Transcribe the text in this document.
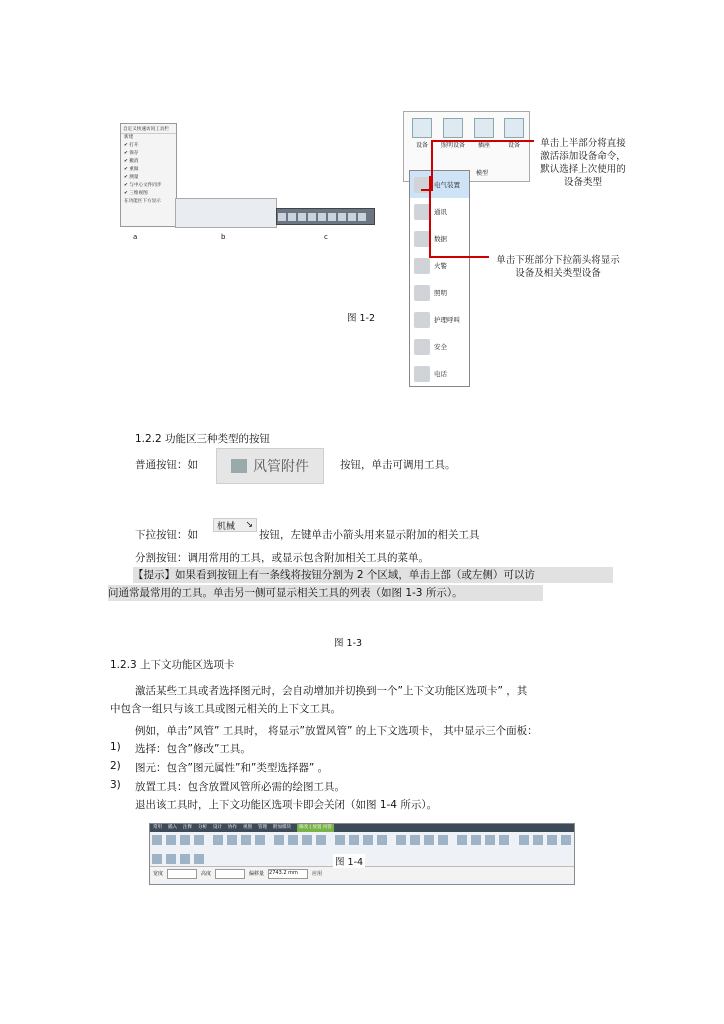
自定义快速访问工具栏
新建
✔ 打开
✔ 保存
✔ 撤消
✔ 重做
✔ 测量
✔ 与中心文件同步
✔ 三维视图
在功能区下方显示
a	b	c
图 1-2
设备	照明设备	插座	设备
模型
电气装置
通讯
数据
火警
照明
护理呼叫
安全
电话
单击上半部分将直接
激活添加设备命令，
默认选择上次使用的
设备类型
单击下班部分下拉箭头将显示
设备及相关类型设备
1.2.2 功能区三种类型的按钮
普通按钮：如	风管附件	按钮，单击可调用工具。
下拉按钮：如
机械 ↘
按钮，左键单击小箭头用来显示附加的相关工具
分割按钮：调用常用的工具，或显示包含附加相关工具的菜单。
【提示】如果看到按钮上有一条线将按钮分割为 2 个区域，单击上部（或左侧）可以访
问通常最常用的工具。单击另一侧可显示相关工具的列表（如图 1-3 所示）。
图 1-3
1.2.3 上下文功能区选项卡
激活某些工具或者选择图元时，会自动增加并切换到一个”上下文功能区选项卡” ，其
中包含一组只与该工具或图元相关的上下文工具。
例如，单击”风管” 工具时， 将显示”放置风管” 的上下文选项卡， 其中显示三个面板：
1) 选择：包含”修改”工具。
2) 图元：包含”图元属性”和”类型选择器” 。
3) 放置工具：包含放置风管所必需的绘图工具。
退出该工具时，上下文功能区选项卡即会关闭（如图 1-4 所示）。
常用 插入 注释 分析 设计 协作 视图 管理 附加模块 修改 | 放置 风管

宽度	高度	偏移量 2743.2 mm	应用
图 1-4
